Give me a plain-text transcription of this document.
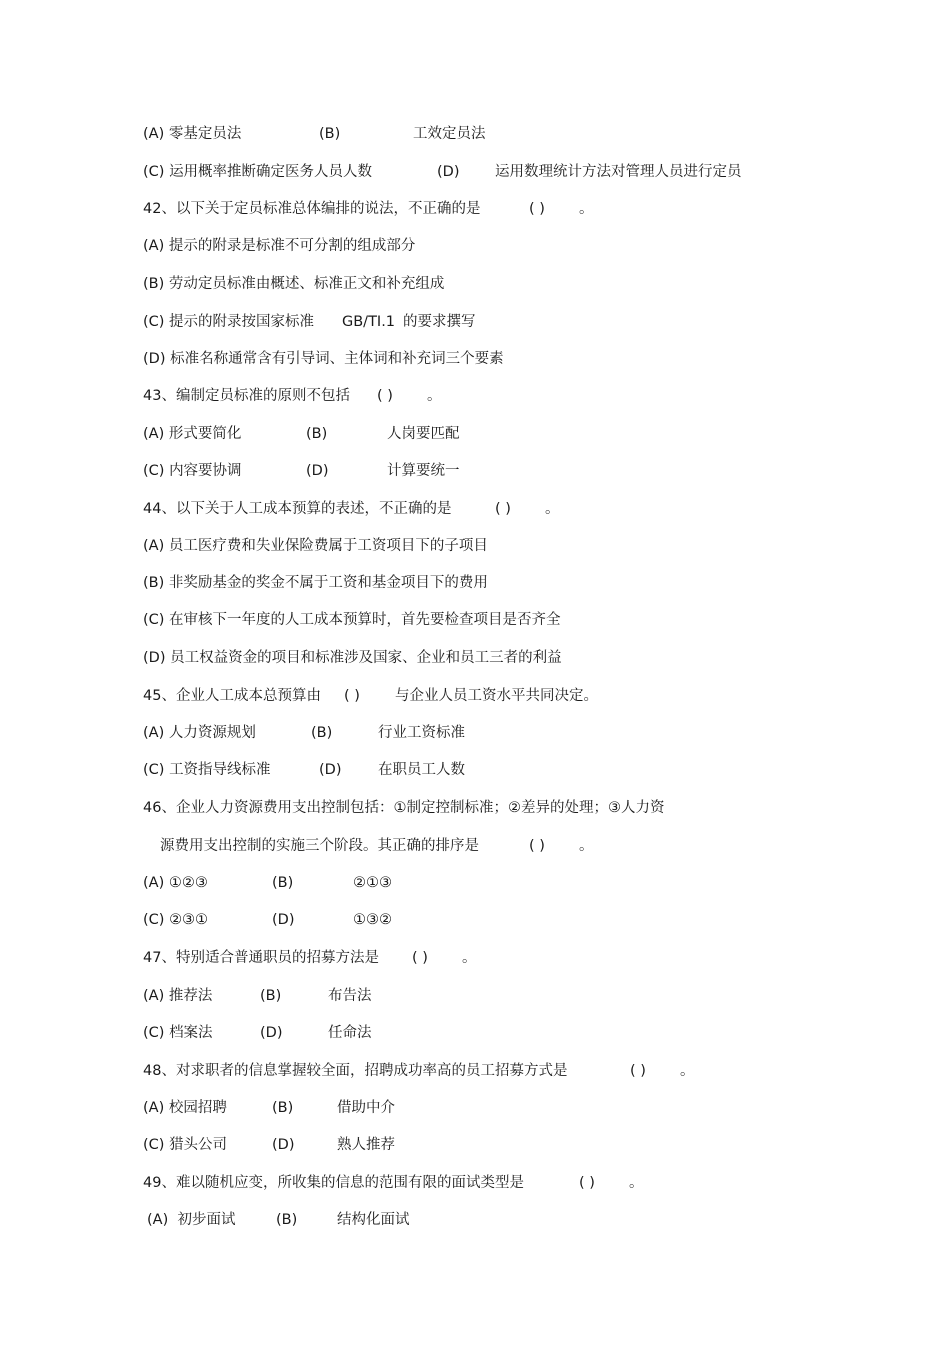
(A) 零基定员法	(B)	工效定员法
(C) 运用概率推断确定医务人员人数	(D) 运用数理统计方法对管理人员进行定员
42、以下关于定员标准总体编排的说法，不正确的是	( ) 。
(A) 提示的附录是标准不可分割的组成部分
(B) 劳动定员标准由概述、标准正文和补充组成
(C) 提示的附录按国家标准 GB/TI.1 的要求撰写
(D) 标准名称通常含有引导词、主体词和补充词三个要素
43、编制定员标准的原则不包括 ( ) 。
(A) 形式要简化	(B)	人岗要匹配
(C) 内容要协调	(D)	计算要统一
44、以下关于人工成本预算的表述，不正确的是	( ) 。
(A) 员工医疗费和失业保险费属于工资项目下的子项目
(B) 非奖励基金的奖金不属于工资和基金项目下的费用
(C) 在审核下一年度的人工成本预算时，首先要检查项目是否齐全
(D) 员工权益资金的项目和标准涉及国家、企业和员工三者的利益
45、企业人工成本总预算由 ( ) 与企业人员工资水平共同决定。
(A) 人力资源规划	(B)	行业工资标准
(C) 工资指导线标准	(D)	在职员工人数
46、企业人力资源费用支出控制包括：①制定控制标准；②差异的处理；③人力资
源费用支出控制的实施三个阶段。其正确的排序是	( ) 。
(A) ①②③	(B)	②①③
(C) ②③①	(D)	①③②
47、特别适合普通职员的招募方法是 ( ) 。
(A) 推荐法	(B)	布告法
(C) 档案法	(D)	任命法
48、对求职者的信息掌握较全面，招聘成功率高的员工招募方式是	( ) 。
(A) 校园招聘	(B)	借助中介
(C) 猎头公司	(D)	熟人推荐
49、难以随机应变，所收集的信息的范围有限的面试类型是	( ) 。
(A) 初步面试	(B)	结构化面试
